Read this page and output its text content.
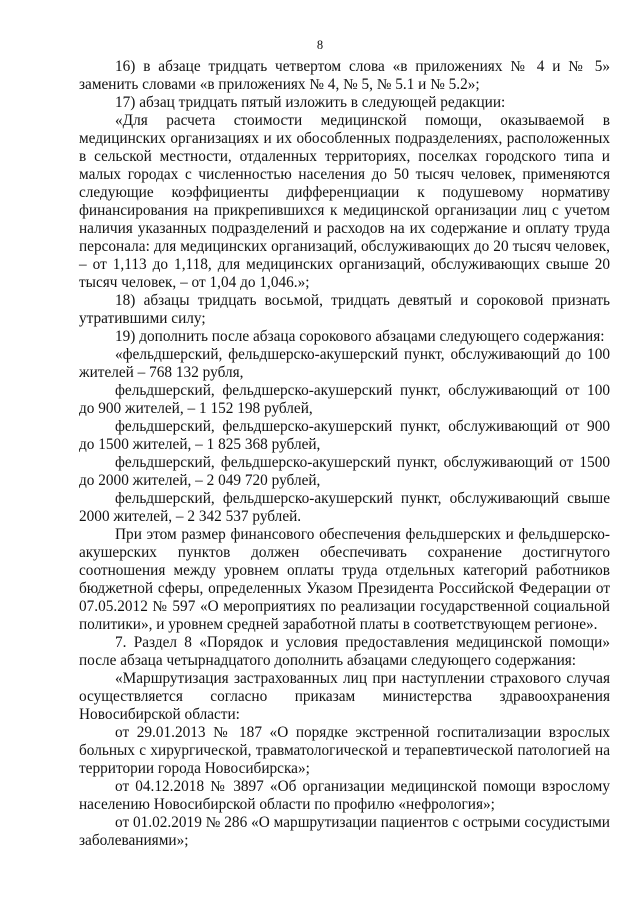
8

16) в абзаце тридцать четвертом слова «в приложениях № 4 и № 5» заменить словами «в приложениях № 4, № 5, № 5.1 и № 5.2»;

17) абзац тридцать пятый изложить в следующей редакции:

«Для расчета стоимости медицинской помощи, оказываемой в медицинских организациях и их обособленных подразделениях, расположенных в сельской местности, отдаленных территориях, поселках городского типа и малых городах с численностью населения до 50 тысяч человек, применяются следующие коэффициенты дифференциации к подушевому нормативу финансирования на прикрепившихся к медицинской организации лиц с учетом наличия указанных подразделений и расходов на их содержание и оплату труда персонала: для медицинских организаций, обслуживающих до 20 тысяч человек, – от 1,113 до 1,118, для медицинских организаций, обслуживающих свыше 20 тысяч человек, – от 1,04 до 1,046.»;

18) абзацы тридцать восьмой, тридцать девятый и сороковой признать утратившими силу;

19) дополнить после абзаца сорокового абзацами следующего содержания:

«фельдшерский, фельдшерско-акушерский пункт, обслуживающий до 100 жителей – 768 132 рубля,

фельдшерский, фельдшерско-акушерский пункт, обслуживающий от 100 до 900 жителей, – 1 152 198 рублей,

фельдшерский, фельдшерско-акушерский пункт, обслуживающий от 900 до 1500 жителей, – 1 825 368 рублей,

фельдшерский, фельдшерско-акушерский пункт, обслуживающий от 1500 до 2000 жителей, – 2 049 720 рублей,

фельдшерский, фельдшерско-акушерский пункт, обслуживающий свыше 2000 жителей, – 2 342 537 рублей.

При этом размер финансового обеспечения фельдшерских и фельдшерско-акушерских пунктов должен обеспечивать сохранение достигнутого соотношения между уровнем оплаты труда отдельных категорий работников бюджетной сферы, определенных Указом Президента Российской Федерации от 07.05.2012 № 597 «О мероприятиях по реализации государственной социальной политики», и уровнем средней заработной платы в соответствующем регионе».

7. Раздел 8 «Порядок и условия предоставления медицинской помощи» после абзаца четырнадцатого дополнить абзацами следующего содержания:

«Маршрутизация застрахованных лиц при наступлении страхового случая осуществляется согласно приказам министерства здравоохранения Новосибирской области:

от 29.01.2013 № 187 «О порядке экстренной госпитализации взрослых больных с хирургической, травматологической и терапевтической патологией на территории города Новосибирска»;

от 04.12.2018 № 3897 «Об организации медицинской помощи взрослому населению Новосибирской области по профилю «нефрология»;

от 01.02.2019 № 286 «О маршрутизации пациентов с острыми сосудистыми заболеваниями»;
